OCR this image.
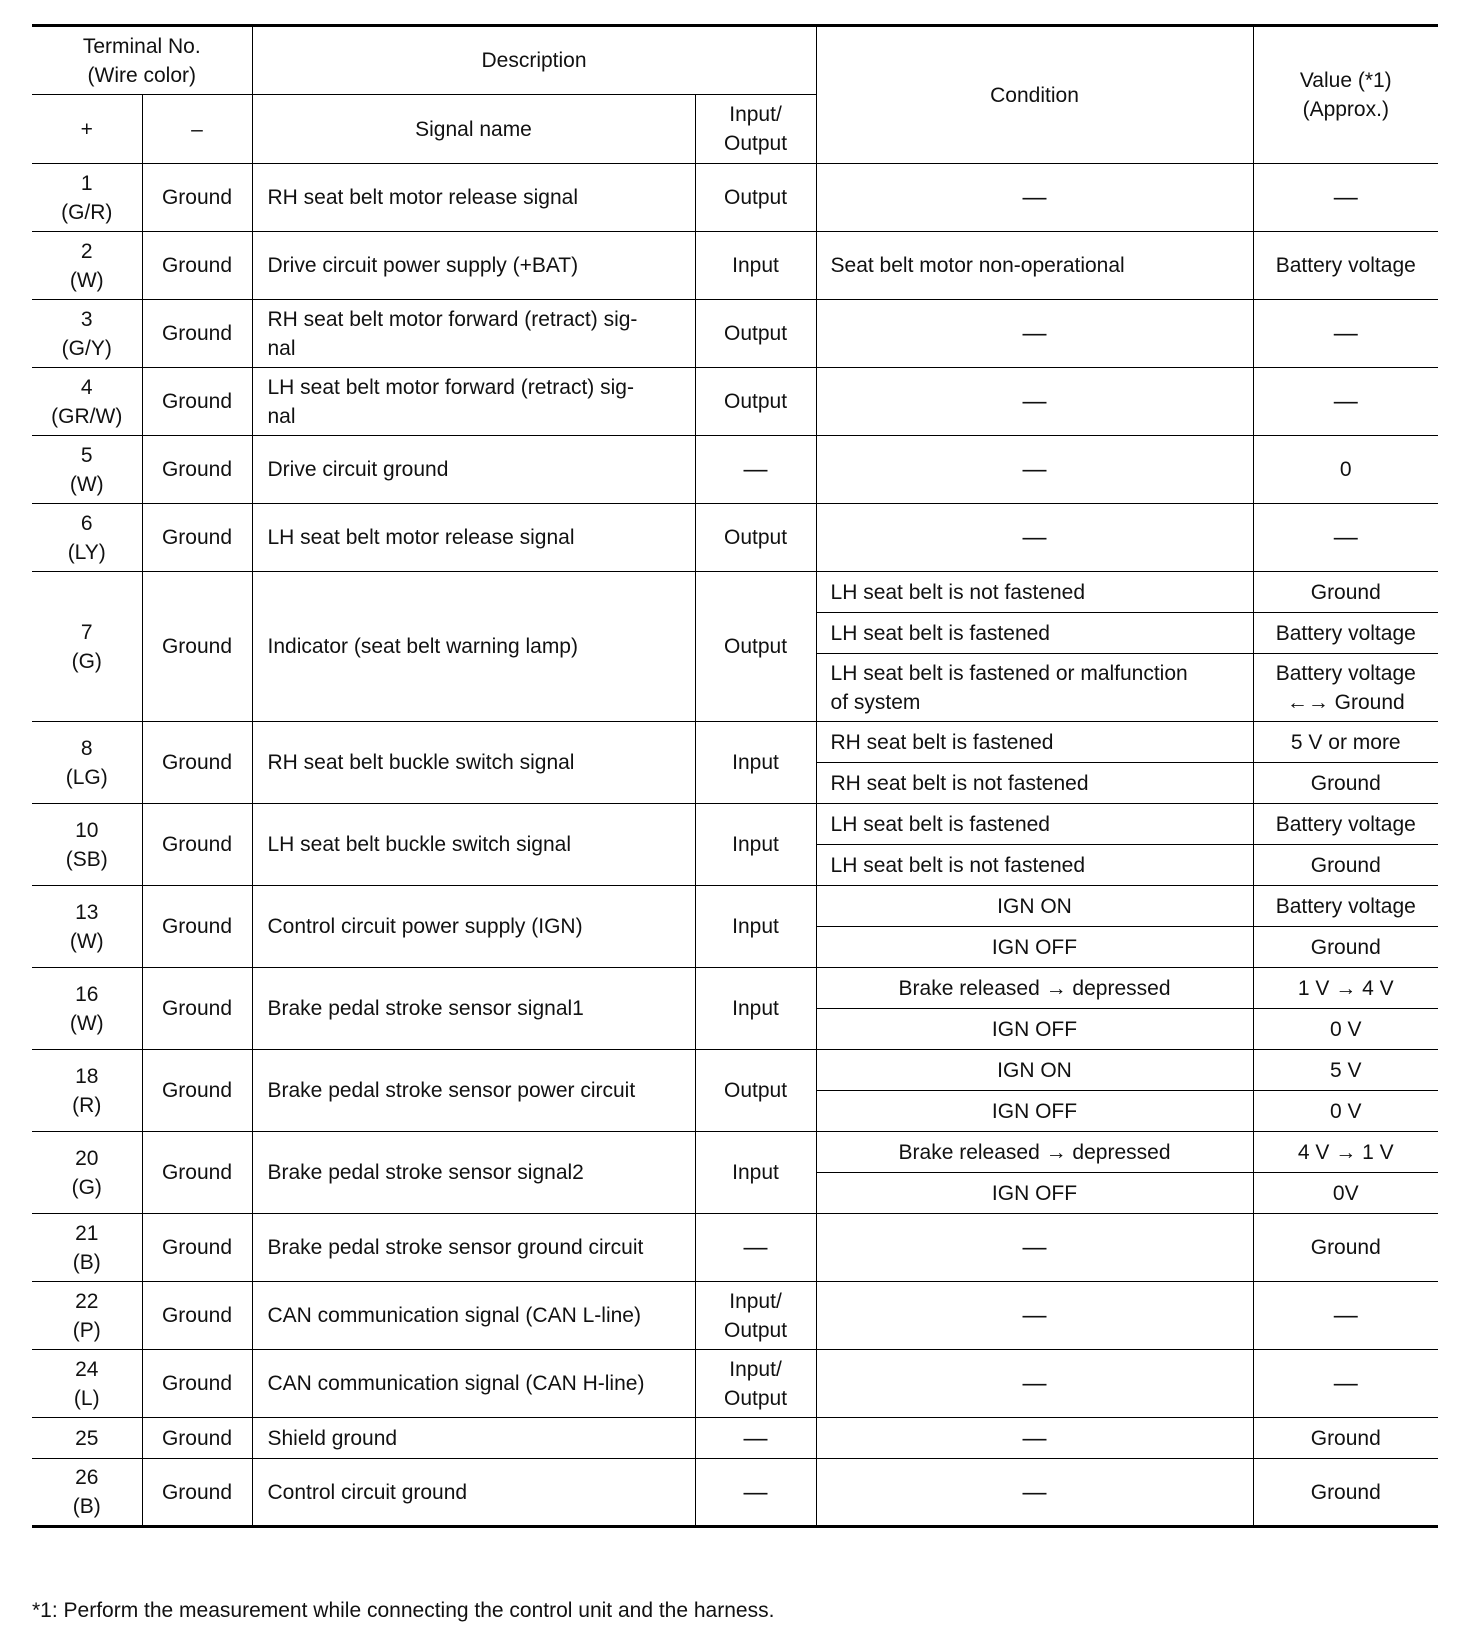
Terminal No.
(Wire color)		Description		Condition	Value (*1)
(Approx.)
+	–	Signal name	Input/
Output		
1
(G/R)	Ground	RH seat belt motor release signal	Output	—	—
2
(W)	Ground	Drive circuit power supply (+BAT)	Input	Seat belt motor non-operational	Battery voltage
3
(G/Y)	Ground	RH seat belt motor forward (retract) sig-
nal	Output	—	—
4
(GR/W)	Ground	LH seat belt motor forward (retract) sig-
nal	Output	—	—
5
(W)	Ground	Drive circuit ground	—	—	0
6
(LY)	Ground	LH seat belt motor release signal	Output	—	—
7
(G)	Ground	Indicator (seat belt warning lamp)	Output	LH seat belt is not fastened	Ground
				LH seat belt is fastened	Battery voltage
				LH seat belt is fastened or malfunction
of system	Battery voltage
←→ Ground
8
(LG)	Ground	RH seat belt buckle switch signal	Input	RH seat belt is fastened	5 V or more
				RH seat belt is not fastened	Ground
10
(SB)	Ground	LH seat belt buckle switch signal	Input	LH seat belt is fastened	Battery voltage
				LH seat belt is not fastened	Ground
13
(W)	Ground	Control circuit power supply (IGN)	Input	IGN ON	Battery voltage
				IGN OFF	Ground
16
(W)	Ground	Brake pedal stroke sensor signal1	Input	Brake released → depressed	1 V → 4 V
				IGN OFF	0 V
18
(R)	Ground	Brake pedal stroke sensor power circuit	Output	IGN ON	5 V
				IGN OFF	0 V
20
(G)	Ground	Brake pedal stroke sensor signal2	Input	Brake released → depressed	4 V → 1 V
				IGN OFF	0V
21
(B)	Ground	Brake pedal stroke sensor ground circuit	—	—	Ground
22
(P)	Ground	CAN communication signal (CAN L-line)	Input/
Output	—	—
24
(L)	Ground	CAN communication signal (CAN H-line)	Input/
Output	—	—
25	Ground	Shield ground	—	—	Ground
26
(B)	Ground	Control circuit ground	—	—	Ground
*1: Perform the measurement while connecting the control unit and the harness.
